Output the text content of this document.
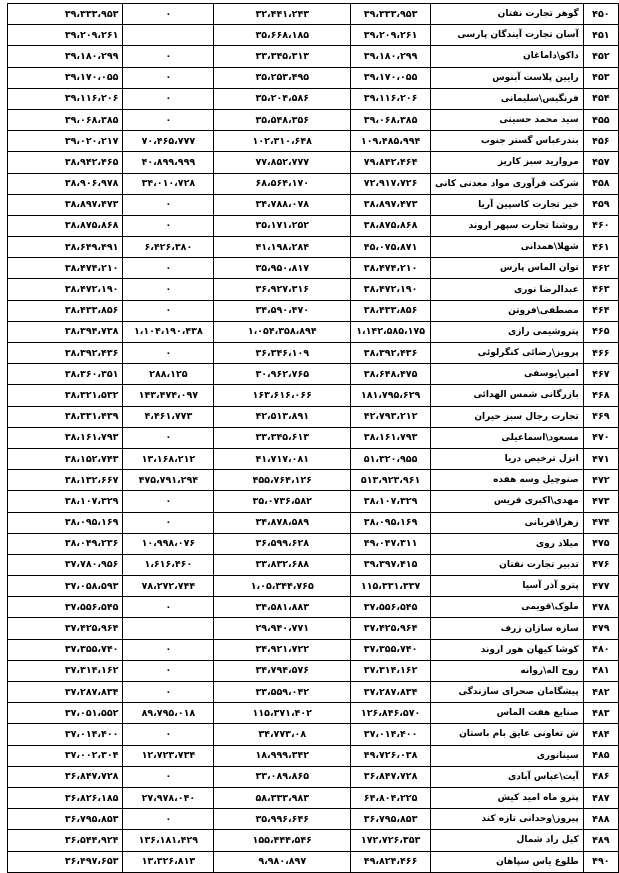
۳۹،۳۳۳،۹۵۳	۰	۳۲،۴۴۱،۲۴۳	۳۹،۳۳۳،۹۵۳	گوهر تجارت نفتان	۴۵۰
۳۹،۲۰۹،۲۶۱		۳۵،۶۶۸،۱۸۵	۳۹،۲۰۹،۲۶۱	آسان تجارت آیندگان پارسی	۴۵۱
۳۹،۱۸۰،۲۹۹	۰	۳۳،۳۴۵،۳۱۳	۳۹،۱۸۰،۲۹۹	داکو\داماغان	۴۵۲
۳۹،۱۷۰،۰۵۵	۰	۳۵،۲۵۳،۴۹۵	۳۹،۱۷۰،۰۵۵	رایین پلاست آبنوس	۴۵۳
۳۹،۱۱۶،۲۰۶	۰	۳۵،۲۰۴،۵۸۶	۳۹،۱۱۶،۲۰۶	فرنگیس\سلیمانی	۴۵۴
۳۹،۰۶۸،۳۸۵	۰	۳۵،۵۴۸،۳۵۶	۳۹،۰۶۸،۳۸۵	سید محمد حسینی	۴۵۵
۳۹،۰۲۰،۲۱۷	۷۰،۴۶۵،۷۷۷	۱۰۲،۳۱۰،۶۴۸	۱۰۹،۴۸۵،۹۹۴	بندرعباس گستر جنوب	۴۵۶
۳۸،۹۴۲،۴۶۵	۴۰،۸۹۹،۹۹۹	۷۷،۸۵۲،۷۷۷	۷۹،۸۴۲،۴۶۴	مروارید سبز کاریز	۴۵۷
۳۸،۹۰۶،۹۷۸	۳۴،۰۱۰،۷۲۸	۶۸،۵۶۴،۱۷۰	۷۲،۹۱۷،۷۲۶	شرکت فرآوری مواد معدنی کانی	۴۵۸
۳۸،۸۹۷،۴۷۳	۰	۳۴،۷۸۸،۰۷۸	۳۸،۸۹۷،۴۷۳	خیر تجارت کاسپین آریا	۴۵۹
۳۸،۸۷۵،۸۶۸	۰	۳۵،۱۷۱،۲۵۲	۳۸،۸۷۵،۸۶۸	روشنا تجارت سپهر اروند	۴۶۰
۳۸،۶۴۹،۴۹۱	۶،۴۲۶،۳۸۰	۴۱،۱۹۸،۲۸۴	۴۵،۰۷۵،۸۷۱	شهلا\همدانی	۴۶۱
۳۸،۴۷۴،۲۱۰	۰	۳۵،۹۵۰،۸۱۷	۳۸،۴۷۴،۲۱۰	توان الماس پارس	۴۶۲
۳۸،۴۷۲،۱۹۰	۰	۳۶،۹۲۷،۳۱۶	۳۸،۴۷۲،۱۹۰	عبدالرضا نوری	۴۶۳
۳۸،۴۳۳،۸۵۶	۰	۳۴،۵۹۰،۴۷۰	۳۸،۴۳۳،۸۵۶	مصطفی\فروتن	۴۶۴
۳۸،۳۹۴،۷۳۸	۱،۱۰۴،۱۹۰،۴۳۸	۱،۰۵۴،۳۵۸،۸۹۴	۱،۱۴۲،۵۸۵،۱۷۵	پتروشیمی رازی	۴۶۵
۳۸،۳۹۲،۴۳۶	۰	۳۶،۳۴۶،۱۰۹	۳۸،۳۹۲،۴۳۶	پرویز\رضائی کنگرلوئی	۴۶۶
۳۸،۳۶۰،۳۵۱	۲۸۸،۱۲۵	۳۰،۹۶۲،۷۶۵	۳۸،۶۴۸،۴۷۵	امیر\یوسفی	۴۶۷
۳۸،۳۲۱،۵۳۲	۱۴۳،۴۷۴،۰۹۷	۱۶۳،۶۱۶،۰۶۶	۱۸۱،۷۹۵،۶۲۹	بازرگانی شمس الهدائی	۴۶۸
۳۸،۳۳۱،۴۳۹	۴،۴۶۱،۷۷۳	۴۲،۵۱۳،۸۹۱	۴۲،۷۹۳،۲۱۲	تجارت رجال سبز حیران	۴۶۹
۳۸،۱۶۱،۷۹۳	۰	۳۳،۳۴۵،۶۱۳	۳۸،۱۶۱،۷۹۳	مسعود\اسماعیلی	۴۷۰
۳۸،۱۵۲،۷۴۳	۱۳،۱۶۸،۲۱۲	۴۱،۷۱۷،۰۸۱	۵۱،۳۲۰،۹۵۵	انزل ترخیص دریا	۴۷۱
۳۸،۱۳۲،۶۶۷	۴۷۵،۷۹۱،۲۹۴	۴۵۵،۷۶۴،۱۲۶	۵۱۳،۹۲۳،۹۶۱	صنوچیل وسه هفده	۴۷۲
۳۸،۱۰۷،۳۲۹	۰	۳۵،۰۷۳۶،۵۸۲	۳۸،۱۰۷،۳۲۹	مهدی\اکبری قریس	۴۷۳
۳۸،۰۹۵،۱۶۹	۰	۳۴،۸۷۸،۵۸۹	۳۸،۰۹۵،۱۶۹	زهرا\قربانی	۴۷۴
۳۸،۰۴۹،۲۳۶	۱۰،۹۹۸،۰۷۶	۳۶،۵۹۹،۶۲۸	۴۹،۰۴۷،۳۱۱	میلاد روی	۴۷۵
۳۷،۷۸۰،۹۵۶	۱،۶۱۶،۴۶۰	۳۳،۸۳۲،۶۸۸	۳۹،۳۹۷،۴۱۵	تدبیر تجارت نفتان	۴۷۶
۳۷،۰۵۸،۵۹۳	۷۸،۲۷۲،۷۴۴	۱،۰۵،۳۴۴،۷۶۵	۱۱۵،۳۳۱،۳۳۷	پترو آذر آسیا	۴۷۷
۳۷،۵۵۶،۵۴۵	۰	۳۴،۵۸۱،۸۸۳	۳۷،۵۵۶،۵۴۵	ملوک\قویمی	۴۷۸
۳۷،۴۲۵،۹۶۴		۲۹،۹۴۰،۷۷۱	۳۷،۴۲۵،۹۶۴	سازه سازان زرف	۴۷۹
۳۷،۳۵۵،۷۴۰	۰	۳۴،۹۲۱،۷۲۲	۳۷،۳۵۵،۷۴۰	کوشا کیهان هور اروند	۴۸۰
۳۷،۳۱۴،۱۶۲	۰	۳۴،۷۹۴،۵۷۶	۳۷،۳۱۴،۱۶۲	روح اله\روانه	۴۸۱
۳۷،۲۸۷،۸۳۴	۰	۳۳،۵۵۹،۰۴۲	۳۷،۲۸۷،۸۳۴	پیشگامان صحرای سازندگی	۴۸۲
۳۷،۰۵۱،۵۵۲	۸۹،۷۹۵،۰۱۸	۱۱۵،۳۷۱،۴۰۲	۱۲۶،۸۴۶،۵۷۰	صنایع هفت الماس	۴۸۳
۳۷،۰۱۴،۴۰۰	۰	۳۴،۷۷۳،۰۸	۳۷،۰۱۴،۴۰۰	ش تعاونی عایق بام باستان	۴۸۴
۳۷،۰۰۲،۳۰۴	۱۲،۷۲۳،۷۳۴	۱۸،۹۹۹،۳۴۲	۴۹،۷۲۶،۰۳۸	سیناتوری	۴۸۵
۳۶،۸۴۷،۷۲۸	۰	۳۳،۰۸۹،۸۶۵	۳۶،۸۴۷،۷۲۸	آیت\عباس آبادی	۴۸۶
۳۶،۸۲۶،۱۸۵	۲۷،۹۷۸،۰۴۰	۵۸،۳۳۳،۹۸۳	۶۴،۸۰۴،۲۲۵	پترو ماه امید کیش	۴۸۷
۳۶،۷۹۵،۸۵۳	۰	۳۵،۹۹۶،۶۴۶	۳۶،۷۹۵،۸۵۳	پیروز\وحدانی تازه کند	۴۸۸
۳۶،۵۴۴،۹۲۴	۱۳۶،۱۸۱،۴۲۹	۱۵۵،۴۴۴،۵۴۶	۱۷۲،۷۲۶،۳۵۳	کیل راد شمال	۴۸۹
۳۶،۴۹۷،۶۵۳	۱۳،۳۲۶،۸۱۳	۹،۹۸۰،۸۹۷	۴۹،۸۲۴،۴۶۶	طلوع یاس سپاهان	۴۹۰
